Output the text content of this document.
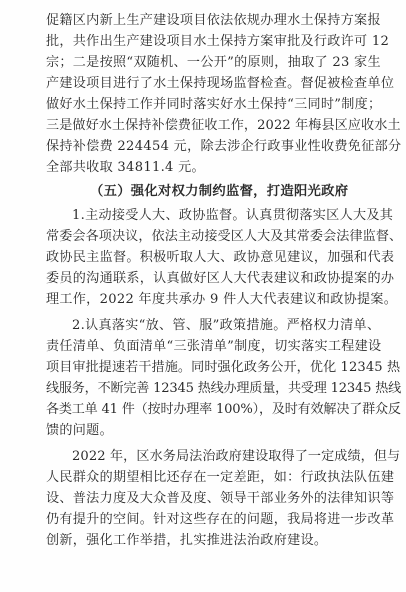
促籍区内新上生产建设项目依法依规办理水土保持方案报
批，共作出生产建设项目水土保持方案审批及行政许可 12
宗；二是按照“双随机、一公开”的原则，抽取了 23 家生
产建设项目进行了水土保持现场监督检查。督促被检查单位
做好水土保持工作并同时落实好水土保持“三同时”制度；
三是做好水土保持补偿费征收工作，2022 年梅县区应收水土
保持补偿费 224454 元，除去涉企行政事业性收费免征部分
全部共收取 34811.4 元。
（五）强化对权力制约监督，打造阳光政府
1.主动接受人大、政协监督。认真贯彻落实区人大及其
常委会各项决议，依法主动接受区人大及其常委会法律监督、
政协民主监督。积极听取人大、政协意见建议，加强和代表
委员的沟通联系，认真做好区人大代表建议和政协提案的办
理工作，2022 年度共承办 9 件人大代表建议和政协提案。
2.认真落实“放、管、服”政策措施。严格权力清单、
责任清单、负面清单“三张清单”制度，切实落实工程建设
项目审批提速若干措施。同时强化政务公开，优化 12345 热
线服务，不断完善 12345 热线办理质量，共受理 12345 热线
各类工单 41 件（按时办理率 100%），及时有效解决了群众反
馈的问题。
2022 年，区水务局法治政府建设取得了一定成绩，但与
人民群众的期望相比还存在一定差距，如：行政执法队伍建
设、普法力度及大众普及度、领导干部业务外的法律知识等
仍有提升的空间。针对这些存在的问题，我局将进一步改革
创新，强化工作举措，扎实推进法治政府建设。
